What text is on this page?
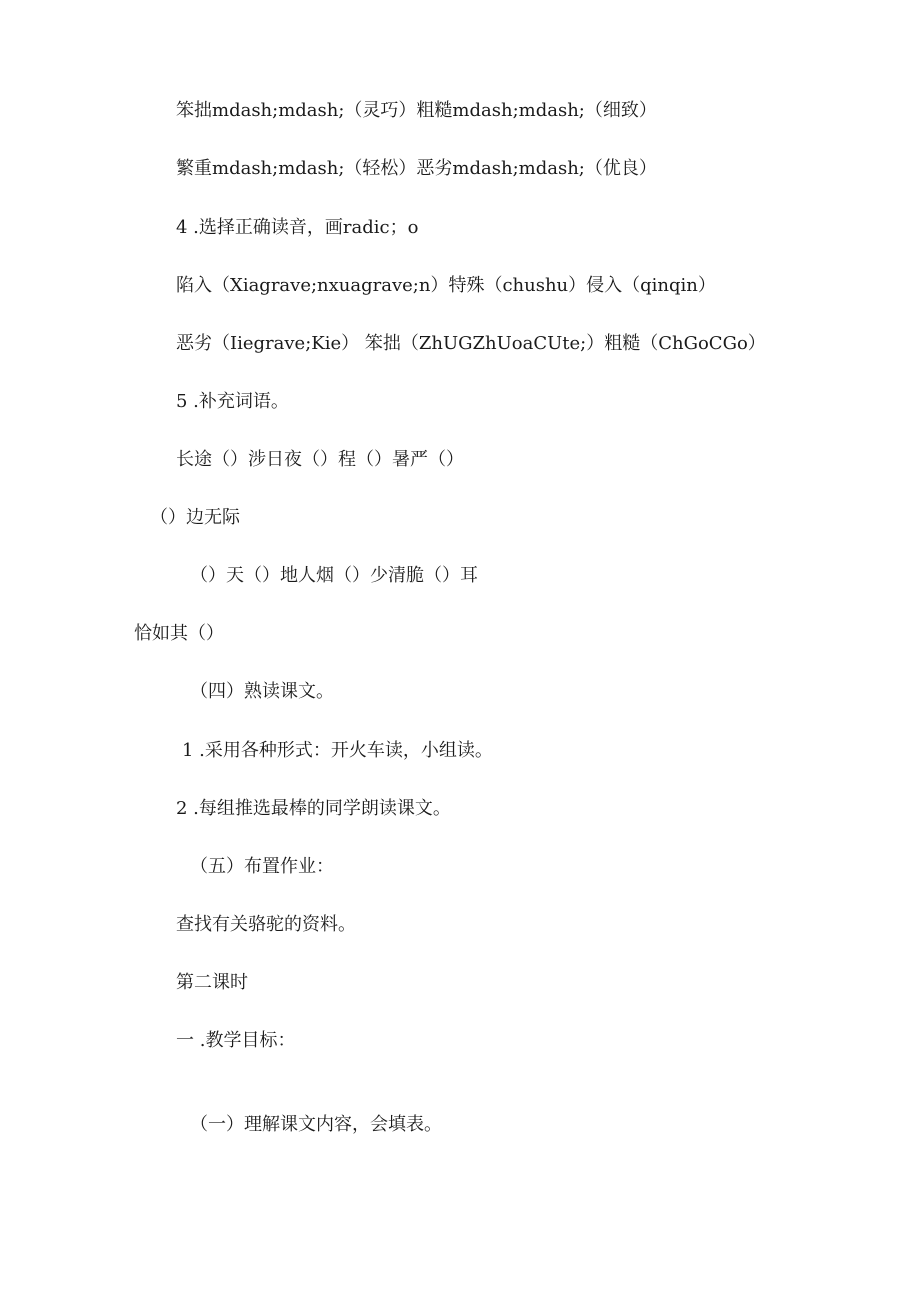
笨拙mdash;mdash;（灵巧）粗糙mdash;mdash;（细致）
繁重mdash;mdash;（轻松）恶劣mdash;mdash;（优良）
4 .选择正确读音，画radic；o
陷入（Xiagrave;nxuagrave;n）特殊（chushu）侵入（qinqin）
恶劣（Iiegrave;Kie） 笨拙（ZhUGZhUoaCUte;）粗糙（ChGoCGo）
5 .补充词语。
长途（）涉日夜（）程（）暑严（）
（）边无际
（）天（）地人烟（）少清脆（）耳
恰如其（）
（四）熟读课文。
1 .采用各种形式：开火车读，小组读。
2 .每组推选最棒的同学朗读课文。
（五）布置作业：
查找有关骆驼的资料。
第二课时
一 .教学目标：
（一）理解课文内容，会填表。
